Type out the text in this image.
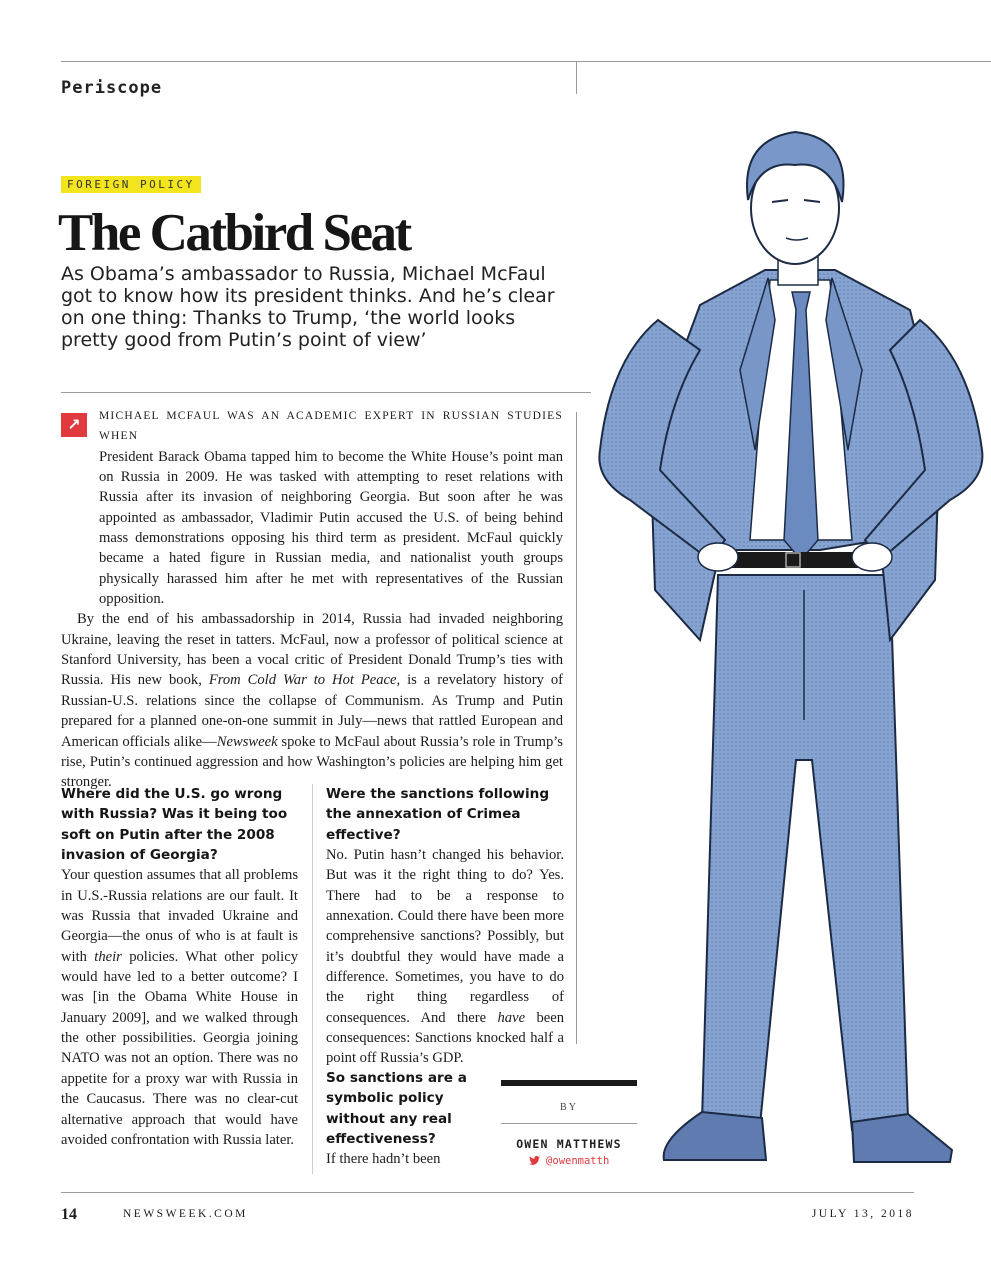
Periscope
FOREIGN POLICY
The Catbird Seat
As Obama’s ambassador to Russia, Michael McFaul got to know how its president thinks. And he’s clear on one thing: Thanks to Trump, ‘the world looks pretty good from Putin’s point of view’
↗	MICHAEL MCFAUL WAS AN ACADEMIC EXPERT IN RUSSIAN STUDIES WHEN
President Barack Obama tapped him to become the White House’s point man on Russia in 2009. He was tasked with attempting to reset relations with Russia after its invasion of neighboring Georgia. But soon after he was appointed as ambassador, Vladimir Putin accused the U.S. of being behind mass demonstrations opposing his third term as president. McFaul quickly became a hated figure in Russian media, and nationalist youth groups physically harassed him after he met with representatives of the Russian opposition.

By the end of his ambassadorship in 2014, Russia had invaded neighboring Ukraine, leaving the reset in tatters. McFaul, now a professor of political science at Stanford University, has been a vocal critic of President Donald Trump’s ties with Russia. His new book, From Cold War to Hot Peace, is a revelatory history of Russian-U.S. relations since the collapse of Communism. As Trump and Putin prepared for a planned one-on-one summit in July—news that rattled European and American officials alike—Newsweek spoke to McFaul about Russia’s role in Trump’s rise, Putin’s continued aggression and how Washington’s policies are helping him get stronger.

Where did the U.S. go wrong with Russia? Was it being too soft on Putin after the 2008 invasion of Georgia?

Your question assumes that all problems in U.S.-Russia relations are our fault. It was Russia that invaded Ukraine and Georgia—the onus of who is at fault is with their policies. What other policy would have led to a better outcome? I was [in the Obama White House in January 2009], and we walked through the other possibilities. Georgia joining NATO was not an option. There was no appetite for a proxy war with Russia in the Caucasus. There was no clear-cut alternative approach that would have avoided confrontation with Russia later.

Were the sanctions following the annexation of Crimea effective?

No. Putin hasn’t changed his behavior. But was it the right thing to do? Yes. There had to be a response to annexation. Could there have been more comprehensive sanctions? Possibly, but it’s doubtful they would have made a difference. Sometimes, you have to do the right thing regardless of consequences. And there have been consequences: Sanctions knocked half a point off Russia’s GDP.

So sanctions are a symbolic policy without any real effectiveness?

If there hadn’t been

BY
OWEN MATTHEWS
@owenmatth
14	NEWSWEEK.COM	JULY 13, 2018
